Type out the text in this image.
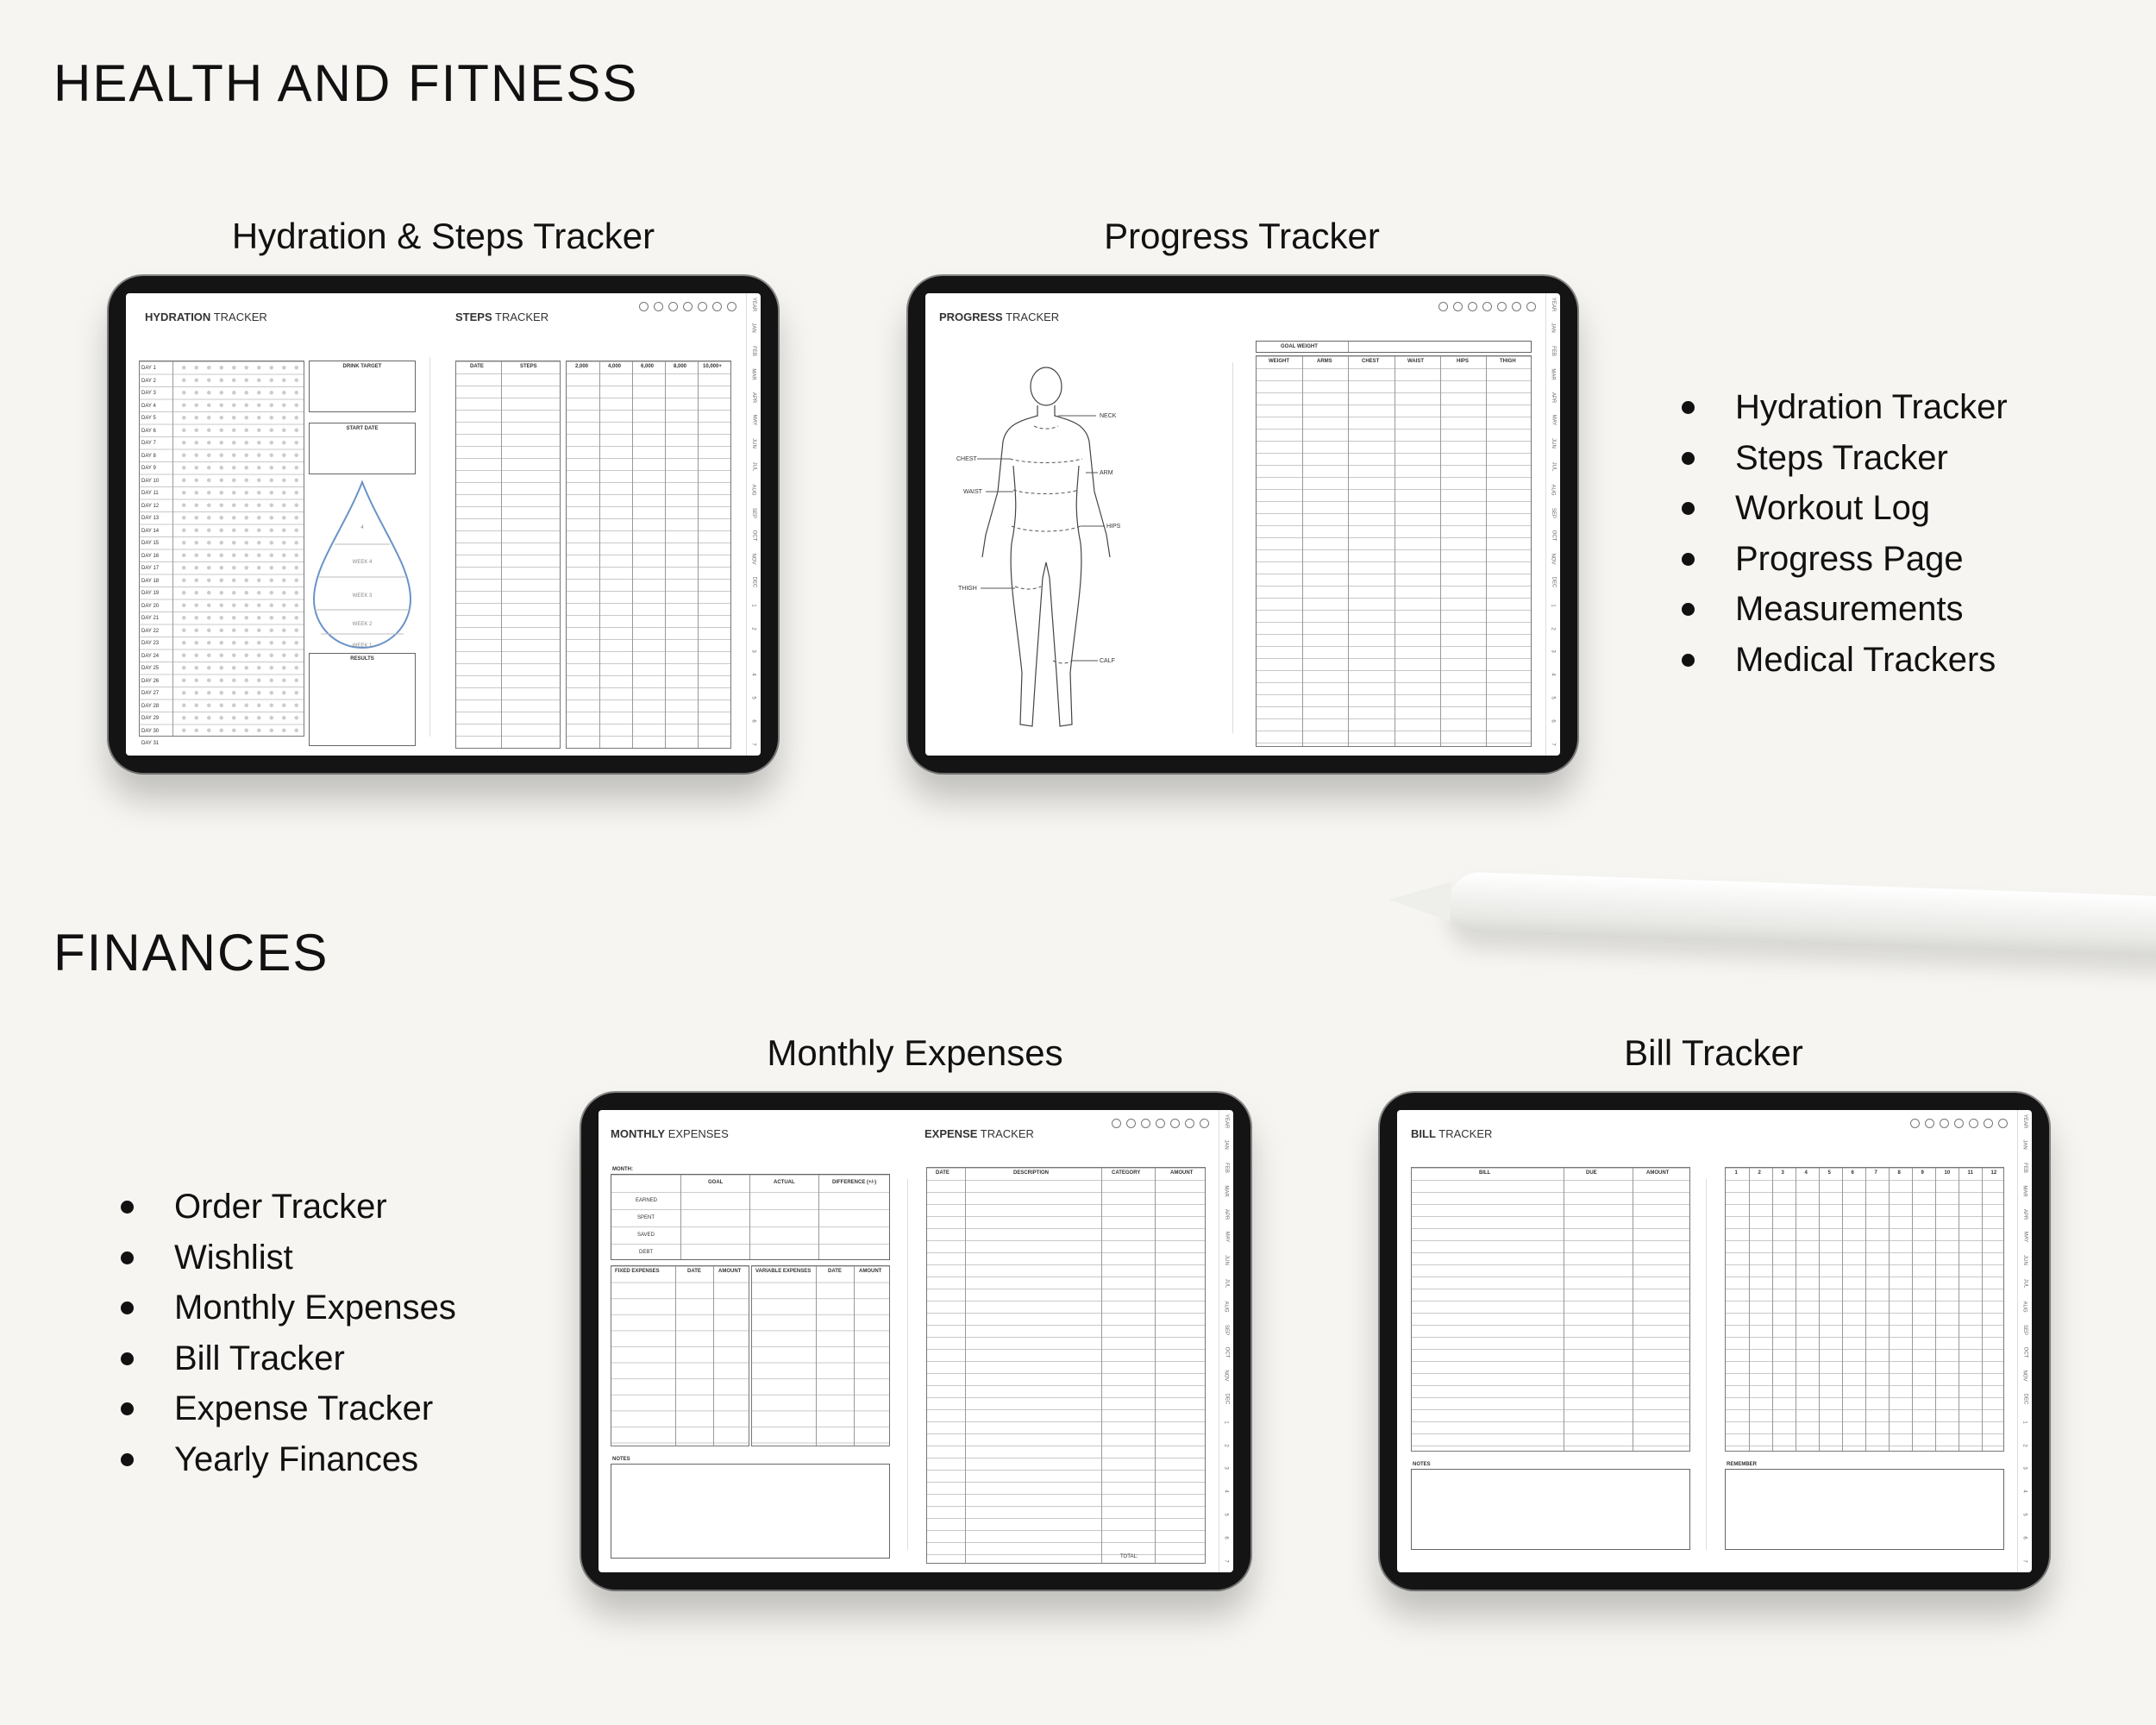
HEALTH AND FITNESS
FINANCES
Hydration & Steps Tracker	Progress Tracker
Monthly Expenses	Bill Tracker
Hydration Tracker
Steps Tracker
Workout Log
Progress Page
Measurements
Medical Trackers
Order Tracker
Wishlist
Monthly Expenses
Bill Tracker
Expense Tracker
Yearly Finances
HYDRATION TRACKER	STEPS TRACKER
YEAR
JAN
FEB
MAR
APR
MAY
JUN
JUL
AUG
SEP
OCT
NOV
DEC
1
2
3
4
5
6
7
DAY 1
DAY 2
DAY 3
DAY 4
DAY 5
DAY 6
DAY 7
DAY 8
DAY 9
DAY 10
DAY 11
DAY 12
DAY 13
DAY 14
DAY 15
DAY 16
DAY 17
DAY 18
DAY 19
DAY 20
DAY 21
DAY 22
DAY 23
DAY 24
DAY 25
DAY 26
DAY 27
DAY 28
DAY 29
DAY 30
DAY 31
DRINK TARGET
START DATE
4
WEEK 4
WEEK 3
WEEK 2
WEEK 1
RESULTS
DATE	STEPS	2,000	4,000	6,000	8,000	10,000+
PROGRESS TRACKER
YEAR
JAN
FEB
MAR
APR
MAY
JUN
JUL
AUG
SEP
OCT
NOV
DEC
1
2
3
4
5
6
7
NECK
CHEST
ARM
WAIST
HIPS
THIGH
CALF
GOAL WEIGHT
WEIGHT	ARMS	CHEST	WAIST	HIPS	THIGH
MONTHLY EXPENSES	EXPENSE TRACKER
YEAR
JAN
FEB
MAR
APR
MAY
JUN
JUL
AUG
SEP
OCT
NOV
DEC
1
2
3
4
5
6
7
MONTH:
GOAL	ACTUAL	DIFFERENCE (+/-)
EARNED
SPENT
SAVED
DEBT
FIXED EXPENSES	DATE	AMOUNT	VARIABLE EXPENSES	DATE	AMOUNT
NOTES
DATE	DESCRIPTION	CATEGORY	AMOUNT
TOTAL:
BILL TRACKER
YEAR
JAN
FEB
MAR
APR
MAY
JUN
JUL
AUG
SEP
OCT
NOV
DEC
1
2
3
4
5
6
7
BILL	DUE	AMOUNT
NOTES
1	2	3	4	5	6	7	8	9	10	11	12
REMEMBER
